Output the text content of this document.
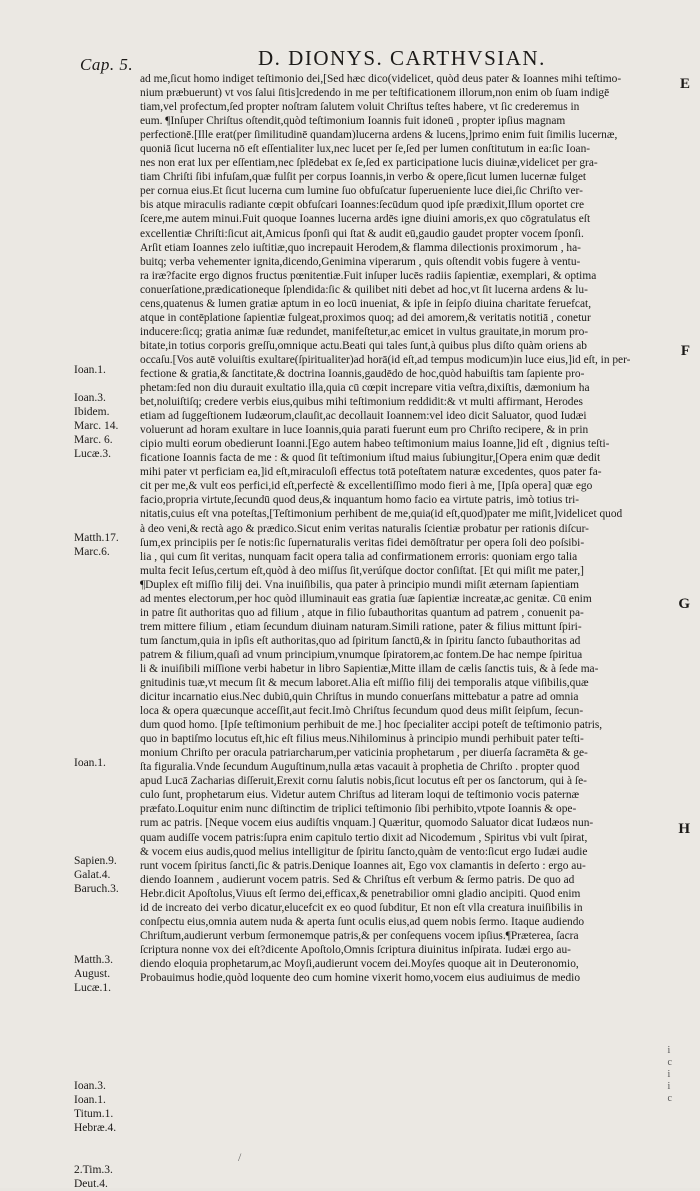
Cap. 5.	D. DIONYS. CARTHVSIAN.
E
F
G
H
Ioan.1.
Ioan.3.
Ibidem.
Marc. 14.
Marc. 6.
Lucæ.3.
Matth.17.
Marc.6.
Ioan.1.
Sapien.9.
Galat.4.
Baruch.3.
Matth.3.
August.
Lucæ.1.
Ioan.3.
Ioan.1.
Titum.1.
Hebræ.4.
2.Tim.3.
Deut.4.
ad me,ſicut homo indiget teſtimonio dei,[Sed hæc dico(videlicet, quòd deus pater & Ioannes mihi teſtimo-
nium præbuerunt) vt vos ſalui ſitis]credendo in me per teſtificationem illorum,non enim ob ſuam indigē
tiam,vel profectum,ſed propter noſtram ſalutem voluit Chriſtus teſtes habere, vt ſic crederemus in
eum. ¶Inſuper Chriſtus oſtendit,quòd teſtimonium Ioannis fuit idoneū , propter ipſius magnam
perfectionē.[Ille erat(per ſimilitudinē quandam)lucerna ardens & lucens,]primo enim fuit ſimilis lucernæ,
quoniā ſicut lucerna nō eſt eſſentialiter lux,nec lucet per ſe,ſed per lumen conſtitutum in ea:ſic Ioan-
nes non erat lux per eſſentiam,nec ſplēdebat ex ſe,ſed ex participatione lucis diuinæ,videlicet per gra-
tiam Chriſti ſibi infuſam,quæ fulſit per corpus Ioannis,in verbo & opere,ſicut lumen lucernæ fulget
per cornua eius.Et ſicut lucerna cum lumine ſuo obfuſcatur ſuperueniente luce diei,ſic Chriſto ver-
bis atque miraculis radiante cœpit obfuſcari Ioannes:ſecūdum quod ipſe prædixit,Illum oportet cre
ſcere,me autem minui.Fuit quoque Ioannes lucerna ardēs igne diuini amoris,ex quo cōgratulatus eſt
excellentiæ Chriſti:ſicut ait,Amicus ſponſi qui ſtat & audit eū,gaudio gaudet propter vocem ſponſi.
Arſit etiam Ioannes zelo iuſtitiæ,quo increpauit Herodem,& flamma dilectionis proximorum , ha-
buitq; verba vehementer ignita,dicendo,Genimina viperarum , quis oſtendit vobis fugere à ventu-
ra iræ?facite ergo dignos fructus pœnitentiæ.Fuit inſuper lucēs radiis ſapientiæ, exemplari, & optima
conuerſatione,prædicationeque ſplendida:ſic & quilibet niti debet ad hoc,vt ſit lucerna ardens & lu-
cens,quatenus & lumen gratiæ aptum in eo locū inueniat, & ipſe in ſeipſo diuina charitate feruefcat,
atque in contēplatione ſapientiæ fulgeat,proximos quoq; ad dei amorem,& veritatis notitiā , conetur
inducere:ſicq; gratia animæ ſuæ redundet, manifeſtetur,ac emicet in vultus grauitate,in morum pro-
bitate,in totius corporis greſſu,omnique actu.Beati qui tales ſunt,à quibus plus diſto quàm oriens ab
occaſu.[Vos autē voluiſtis exultare(ſpiritualiter)ad horā(id eſt,ad tempus modicum)in luce eius,]id eſt, in per-
fectione & gratia,& ſanctitate,& doctrina Ioannis,gaudēdo de hoc,quòd habuiſtis tam ſapiente pro-
phetam:ſed non diu durauit exultatio illa,quia cū cœpit increpare vitia veſtra,dixiſtis, dæmonium ha
bet,noluiſtiſq; credere verbis eius,quibus mihi teſtimonium reddidit:& vt multi affirmant, Herodes
etiam ad ſuggeſtionem Iudæorum,clauſit,ac decollauit Ioannem:vel ideo dicit Saluator, quod Iudæi
voluerunt ad horam exultare in luce Ioannis,quia parati fuerunt eum pro Chriſto recipere, & in prin
cipio multi eorum obedierunt Ioanni.[Ego autem habeo teſtimonium maius Ioanne,]id eſt , dignius teſti-
ficatione Ioannis facta de me : & quod ſit teſtimonium iſtud maius ſubiungitur,[Opera enim quæ dedit
mihi pater vt perficiam ea,]id eſt,miraculoſi effectus totā poteſtatem naturæ excedentes, quos pater fa-
cit per me,& vult eos perfici,id eſt,perfectè & excellentiſſimo modo fieri à me, [Ipſa opera] quæ ego
facio,propria virtute,ſecundū quod deus,& inquantum homo facio ea virtute patris, imò totius tri-
nitatis,cuius eſt vna poteſtas,[Teſtimonium perhibent de me,quia(id eſt,quod)pater me miſit,]videlicet quod
à deo veni,& rectà ago & prædico.Sicut enim veritas naturalis ſcientiæ probatur per rationis diſcur-
ſum,ex principiis per ſe notis:ſic ſupernaturalis veritas fidei demōſtratur per opera ſoli deo poſsibi-
lia , qui cum ſit veritas, nunquam facit opera talia ad confirmationem erroris: quoniam ergo talia
multa fecit Ieſus,certum eſt,quòd à deo miſſus ſit,verúſque doctor conſiſtat. [Et qui miſit me pater,]
¶Duplex eſt miſſio filij dei. Vna inuiſibilis, qua pater à principio mundi miſit æternam ſapientiam
ad mentes electorum,per hoc quòd illuminauit eas gratia ſuæ ſapientiæ increatæ,ac genitæ. Cū enim
in patre ſit authoritas quo ad filium , atque in filio ſubauthoritas quantum ad patrem , conuenit pa-
trem mittere filium , etiam ſecundum diuinam naturam.Simili ratione, pater & filius mittunt ſpiri-
tum ſanctum,quia in ipſis eſt authoritas,quo ad ſpiritum ſanctū,& in ſpiritu ſancto ſubauthoritas ad
patrem & filium,quaſi ad vnum principium,vnumque ſpiratorem,ac fontem.De hac nempe ſpiritua
li & inuiſibili miſſione verbi habetur in libro Sapientiæ,Mitte illam de cælis ſanctis tuis, & à ſede ma-
gnitudinis tuæ,vt mecum ſit & mecum laboret.Alia eſt miſſio filij dei temporalis atque viſibilis,quæ
dicitur incarnatio eius.Nec dubiū,quin Chriſtus in mundo conuerſans mittebatur a patre ad omnia
loca & opera quæcunque acceſſit,aut fecit.Imò Chriſtus ſecundum quod deus miſit ſeipſum, ſecun-
dum quod homo. [Ipſe teſtimonium perhibuit de me.] hoc ſpecialiter accipi poteſt de teſtimonio patris,
quo in baptiſmo locutus eſt,hic eſt filius meus.Nihilominus à principio mundi perhibuit pater teſti-
monium Chriſto per oracula patriarcharum,per vaticinia prophetarum , per diuerſa ſacramēta & ge-
ſta figuralia.Vnde ſecundum Auguſtinum,nulla ætas vacauit à prophetia de Chriſto . propter quod
apud Lucā Zacharias diſſeruit,Erexit cornu ſalutis nobis,ſicut locutus eſt per os ſanctorum, qui à ſe-
culo ſunt, prophetarum eius. Videtur autem Chriſtus ad literam loqui de teſtimonio vocis paternæ
præfato.Loquitur enim nunc diſtinctim de triplici teſtimonio ſibi perhibito,vtpote Ioannis & ope-
rum ac patris. [Neque vocem eius audiſtis vnquam.] Quæritur, quomodo Saluator dicat Iudæos nun-
quam audiſſe vocem patris:ſupra enim capitulo tertio dixit ad Nicodemum , Spiritus vbi vult ſpirat,
& vocem eius audis,quod melius intelligitur de ſpiritu ſancto,quàm de vento:ſicut ergo Iudæi audie
runt vocem ſpiritus ſancti,ſic & patris.Denique Ioannes ait, Ego vox clamantis in deſerto : ergo au-
diendo Ioannem , audierunt vocem patris. Sed & Chriſtus eſt verbum & ſermo patris. De quo ad
Hebr.dicit Apoſtolus,Viuus eſt ſermo dei,efficax,& penetrabilior omni gladio ancipiti. Quod enim
id de increato dei verbo dicatur,elucefcit ex eo quod ſubditur, Et non eſt vlla creatura inuiſibilis in
conſpectu eius,omnia autem nuda & aperta ſunt oculis eius,ad quem nobis ſermo. Itaque audiendo
Chriſtum,audierunt verbum ſermonemque patris,& per conſequens vocem ipſius.¶Præterea, ſacra
ſcriptura nonne vox dei eſt?dicente Apoſtolo,Omnis ſcriptura diuinitus inſpirata. Iudæi ergo au-
diendo eloquia prophetarum,ac Moyſi,audierunt vocem dei.Moyſes quoque ait in Deuteronomio,
Probauimus hodie,quòd loquente deo cum homine vixerit homo,vocem eius audiuimus de medio
i
c
i
i
c
/
